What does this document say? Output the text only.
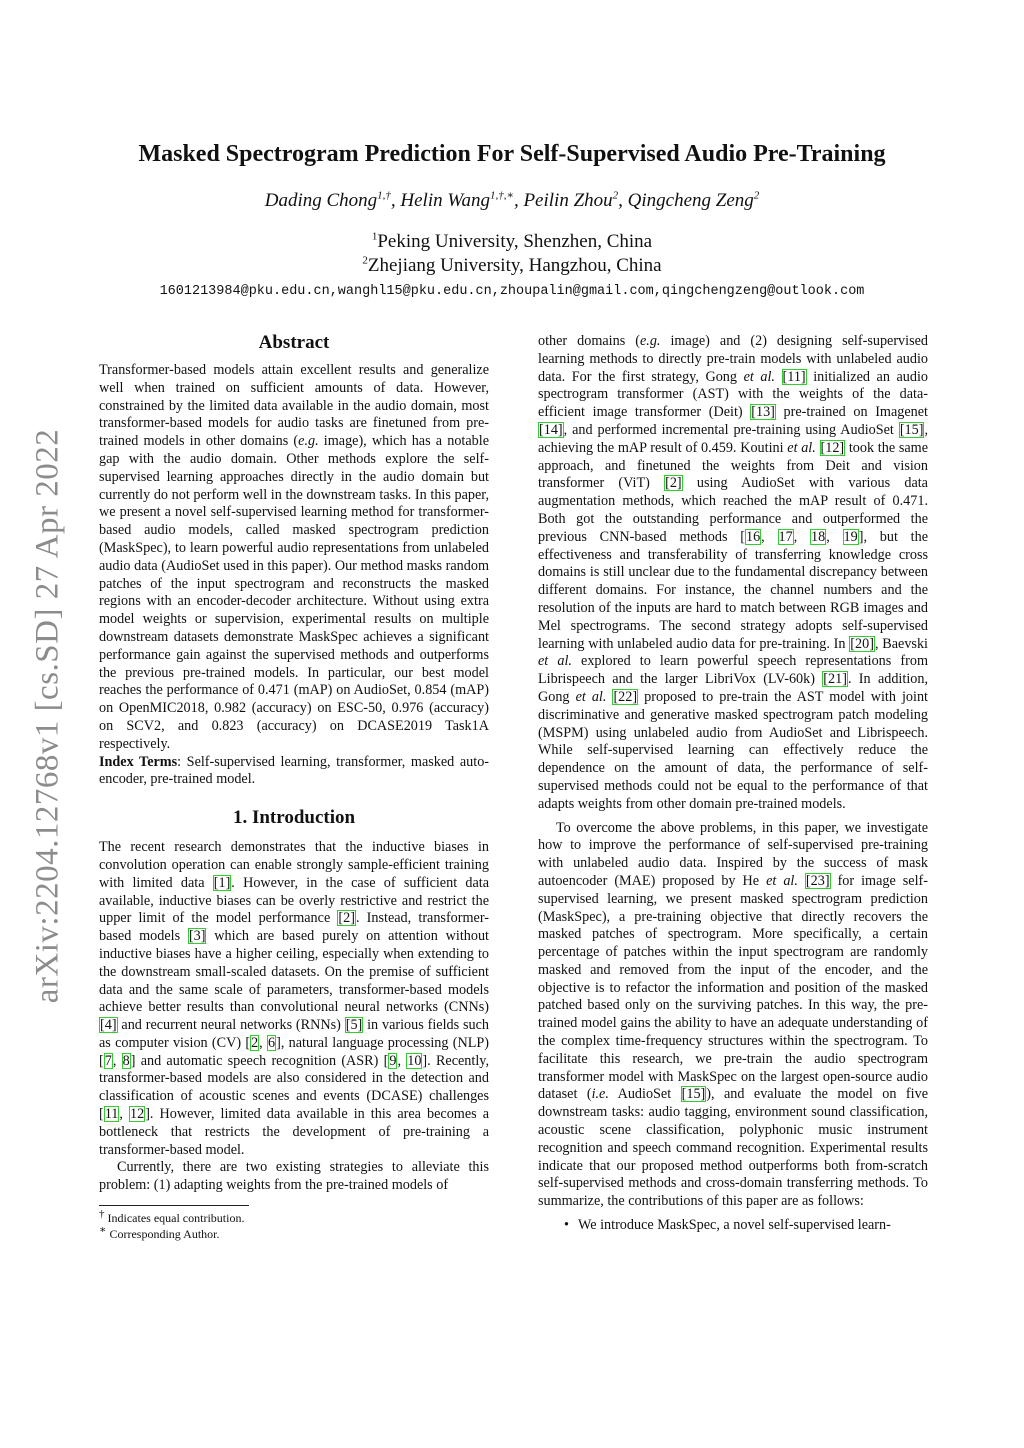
arXiv:2204.12768v1 [cs.SD] 27 Apr 2022
Masked Spectrogram Prediction For Self-Supervised Audio Pre-Training
Dading Chong$^{1,\dagger}$, Helin Wang$^{1,\dagger,∗}$, Peilin Zhou$^2$, Qingcheng Zeng$^2$
$^1$Peking University, Shenzhen, China
$^2$Zhejiang University, Hangzhou, China
1601213984@pku.edu.cn,wanghl15@pku.edu.cn,zhoupalin@gmail.com,qingchengzeng@outlook.com
Abstract

Transformer-based models attain excellent results and generalize well when trained on sufficient amounts of data. However, constrained by the limited data available in the audio domain, most transformer-based models for audio tasks are finetuned from pre-trained models in other domains (e.g. image), which has a notable gap with the audio domain. Other methods explore the self-supervised learning approaches directly in the audio domain but currently do not perform well in the downstream tasks. In this paper, we present a novel self-supervised learning method for transformer-based audio models, called masked spectrogram prediction (MaskSpec), to learn powerful audio representations from unlabeled audio data (AudioSet used in this paper). Our method masks random patches of the input spectrogram and reconstructs the masked regions with an encoder-decoder architecture. Without using extra model weights or supervision, experimental results on multiple downstream datasets demonstrate MaskSpec achieves a significant performance gain against the supervised methods and outperforms the previous pre-trained models. In particular, our best model reaches the performance of 0.471 (mAP) on AudioSet, 0.854 (mAP) on OpenMIC2018, 0.982 (accuracy) on ESC-50, 0.976 (accuracy) on SCV2, and 0.823 (accuracy) on DCASE2019 Task1A respectively.

Index Terms: Self-supervised learning, transformer, masked auto-encoder, pre-trained model.

1. Introduction

The recent research demonstrates that the inductive biases in convolution operation can enable strongly sample-efficient training with limited data [1]. However, in the case of sufficient data available, inductive biases can be overly restrictive and restrict the upper limit of the model performance [2]. Instead, transformer-based models [3] which are based purely on attention without inductive biases have a higher ceiling, especially when extending to the downstream small-scaled datasets. On the premise of sufficient data and the same scale of parameters, transformer-based models achieve better results than convolutional neural networks (CNNs) [4] and recurrent neural networks (RNNs) [5] in various fields such as computer vision (CV) [2, 6], natural language processing (NLP) [7, 8] and automatic speech recognition (ASR) [9, 10]. Recently, transformer-based models are also considered in the detection and classification of acoustic scenes and events (DCASE) challenges [11, 12]. However, limited data available in this area becomes a bottleneck that restricts the development of pre-training a transformer-based model.

Currently, there are two existing strategies to alleviate this problem: (1) adapting weights from the pre-trained models of

† Indicates equal contribution.

∗ Corresponding Author.

other domains (e.g. image) and (2) designing self-supervised learning methods to directly pre-train models with unlabeled audio data. For the first strategy, Gong et al. [11] initialized an audio spectrogram transformer (AST) with the weights of the data-efficient image transformer (Deit) [13] pre-trained on Imagenet [14], and performed incremental pre-training using AudioSet [15], achieving the mAP result of 0.459. Koutini et al. [12] took the same approach, and finetuned the weights from Deit and vision transformer (ViT) [2] using AudioSet with various data augmentation methods, which reached the mAP result of 0.471. Both got the outstanding performance and outperformed the previous CNN-based methods [16, 17, 18, 19], but the effectiveness and transferability of transferring knowledge cross domains is still unclear due to the fundamental discrepancy between different domains. For instance, the channel numbers and the resolution of the inputs are hard to match between RGB images and Mel spectrograms. The second strategy adopts self-supervised learning with unlabeled audio data for pre-training. In [20], Baevski et al. explored to learn powerful speech representations from Librispeech and the larger LibriVox (LV-60k) [21]. In addition, Gong et al. [22] proposed to pre-train the AST model with joint discriminative and generative masked spectrogram patch modeling (MSPM) using unlabeled audio from AudioSet and Librispeech. While self-supervised learning can effectively reduce the dependence on the amount of data, the performance of self-supervised methods could not be equal to the performance of that adapts weights from other domain pre-trained models.

To overcome the above problems, in this paper, we investigate how to improve the performance of self-supervised pre-training with unlabeled audio data. Inspired by the success of mask autoencoder (MAE) proposed by He et al. [23] for image self-supervised learning, we present masked spectrogram prediction (MaskSpec), a pre-training objective that directly recovers the masked patches of spectrogram. More specifically, a certain percentage of patches within the input spectrogram are randomly masked and removed from the input of the encoder, and the objective is to refactor the information and position of the masked patched based only on the surviving patches. In this way, the pre-trained model gains the ability to have an adequate understanding of the complex time-frequency structures within the spectrogram. To facilitate this research, we pre-train the audio spectrogram transformer model with MaskSpec on the largest open-source audio dataset (i.e. AudioSet [15]), and evaluate the model on five downstream tasks: audio tagging, environment sound classification, acoustic scene classification, polyphonic music instrument recognition and speech command recognition. Experimental results indicate that our proposed method outperforms both from-scratch self-supervised methods and cross-domain transferring methods. To summarize, the contributions of this paper are as follows:

• We introduce MaskSpec, a novel self-supervised learn-
